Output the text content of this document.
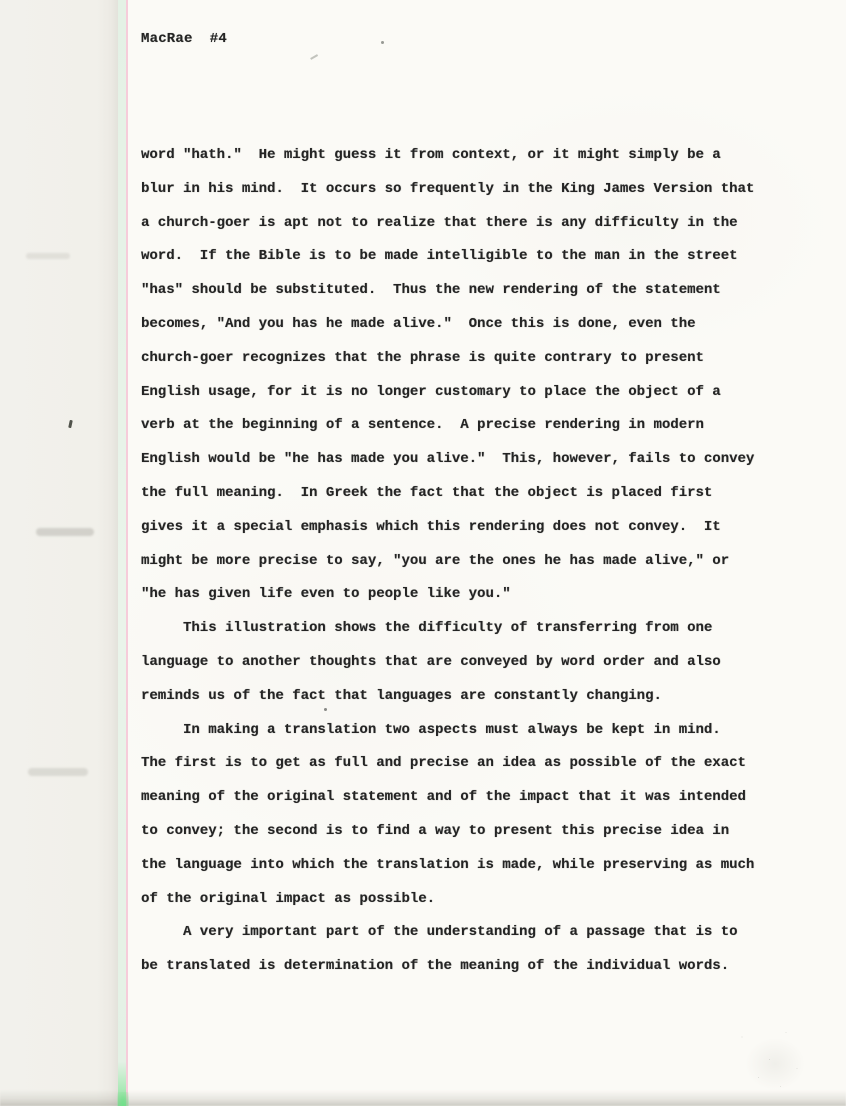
MacRae  #4
word "hath."  He might guess it from context, or it might simply be a
blur in his mind.  It occurs so frequently in the King James Version that
a church-goer is apt not to realize that there is any difficulty in the
word.  If the Bible is to be made intelligible to the man in the street
"has" should be substituted.  Thus the new rendering of the statement
becomes, "And you has he made alive."  Once this is done, even the
church-goer recognizes that the phrase is quite contrary to present
English usage, for it is no longer customary to place the object of a
verb at the beginning of a sentence.  A precise rendering in modern
English would be "he has made you alive."  This, however, fails to convey
the full meaning.  In Greek the fact that the object is placed first
gives it a special emphasis which this rendering does not convey.  It
might be more precise to say, "you are the ones he has made alive," or
"he has given life even to people like you."
This illustration shows the difficulty of transferring from one
language to another thoughts that are conveyed by word order and also
reminds us of the fact that languages are constantly changing.
In making a translation two aspects must always be kept in mind.
The first is to get as full and precise an idea as possible of the exact
meaning of the original statement and of the impact that it was intended
to convey; the second is to find a way to present this precise idea in
the language into which the translation is made, while preserving as much
of the original impact as possible.
A very important part of the understanding of a passage that is to
be translated is determination of the meaning of the individual words.
